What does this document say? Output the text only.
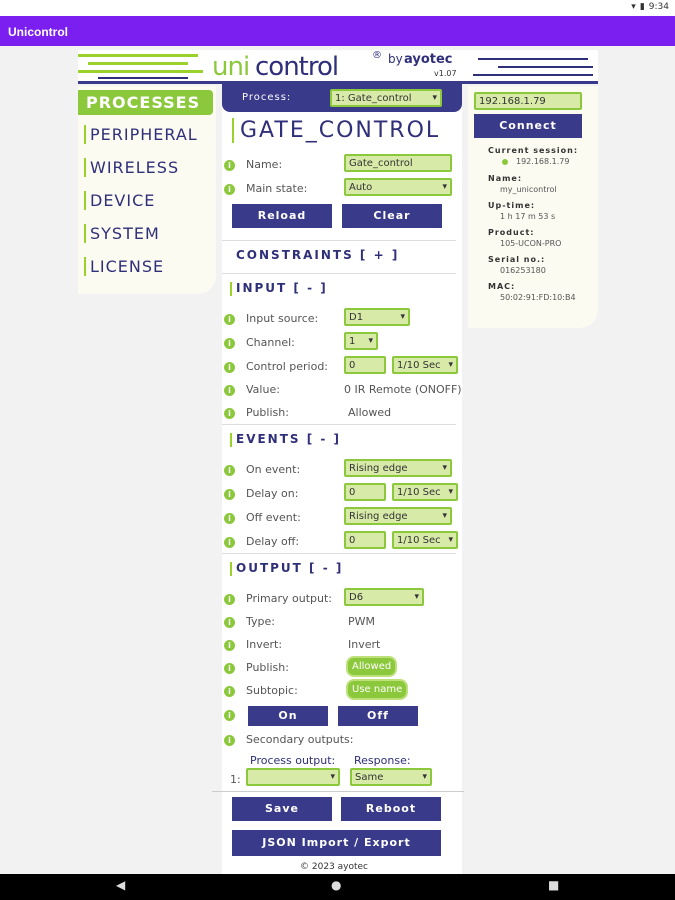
▾ ▮ 9:34
Unicontrol
uni control	® by ayotec
v1.07
PROCESSES
PERIPHERAL
WIRELESS
DEVICE
SYSTEM
LICENSE
Process:	1: Gate_control ▾
GATE_CONTROL
i	Name:	Gate_control
i	Main state:	Auto	▾
Reload	Clear
CONSTRAINTS [ + ]
INPUT [ - ]
i	Input source:	D1	▾
i	Channel:	1 ▾
i	Control period:	0	1/10 Sec ▾
i	Value:	0 IR Remote (ONOFF)
i	Publish:	Allowed
EVENTS [ - ]
i	On event:	Rising edge	▾
i	Delay on:	0	1/10 Sec ▾
i	Off event:	Rising edge	▾
i	Delay off:	0	1/10 Sec ▾
OUTPUT [ - ]
i	Primary output:	D6	▾
i	Type:	PWM
i	Invert:	Invert
i	Publish:	Allowed
i	Subtopic:	Use name
i	On	Off
i	Secondary outputs:
Process output: Response:
1:	▾	Same	▾
Save	Reboot
JSON Import / Export
© 2023 ayotec
192.168.1.79
Connect
Current session:
192.168.1.79
Name:
my_unicontrol
Up-time:
1 h 17 m 53 s
Product:
105-UCON-PRO
Serial no.:
016253180
MAC:
50:02:91:FD:10:B4
◀	●	■
